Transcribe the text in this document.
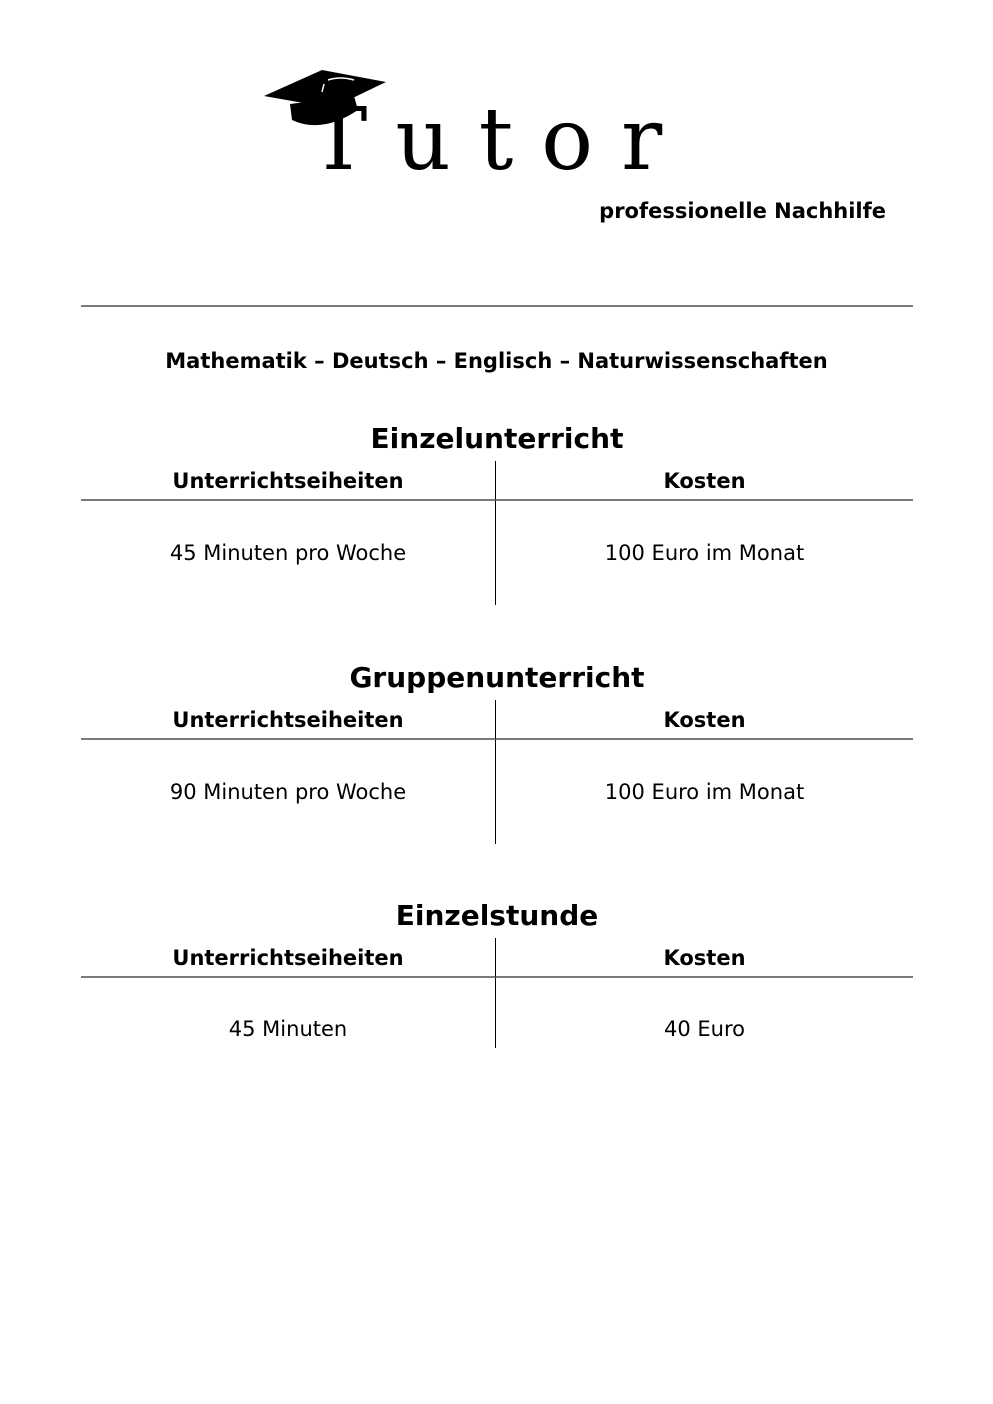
Tutor
professionelle Nachhilfe
Mathematik – Deutsch – Englisch – Naturwissenschaften
Einzelunterricht
Unterrichtseiheiten	Kosten
45 Minuten pro Woche	100 Euro im Monat
Gruppenunterricht
Unterrichtseiheiten	Kosten
90 Minuten pro Woche	100 Euro im Monat
Einzelstunde
Unterrichtseiheiten	Kosten
45 Minuten	40 Euro
